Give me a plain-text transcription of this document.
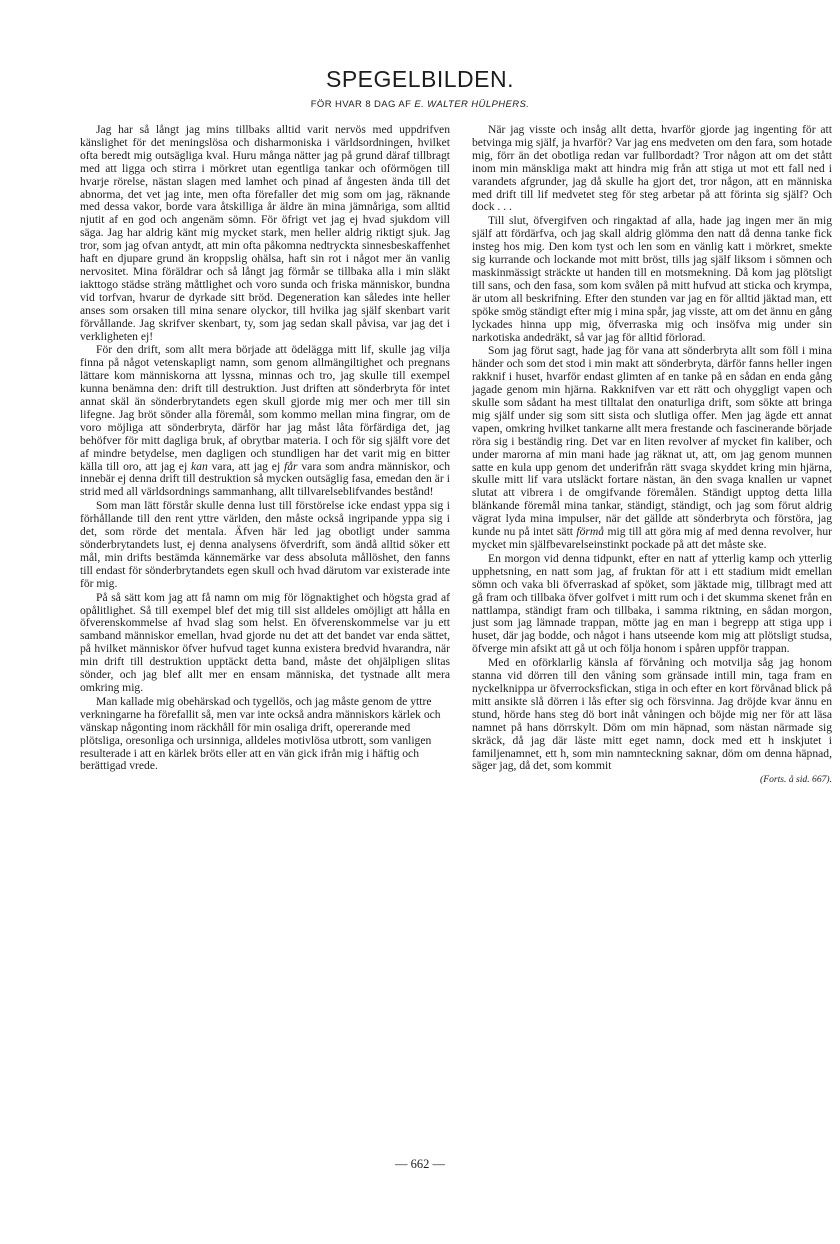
SPEGELBILDEN.
FÖR HVAR 8 DAG AF E. WALTER HÜLPHERS.

Jag har så långt jag mins tillbaks alltid varit nervös med uppdrifven känslighet för det meningslösa och disharmoniska i världsordningen, hvilket ofta beredt mig outsägliga kval. Huru många nätter jag på grund däraf tillbragt med att ligga och stirra i mörkret utan egentliga tankar och oförmögen till hvarje rörelse, nästan slagen med lamhet och pinad af ångesten ända till det abnorma, det vet jag inte, men ofta förefaller det mig som om jag, räknande med dessa vakor, borde vara åtskilliga år äldre än mina jämnåriga, som alltid njutit af en god och angenäm sömn. För öfrigt vet jag ej hvad sjukdom vill säga. Jag har aldrig känt mig mycket stark, men heller aldrig riktigt sjuk. Jag tror, som jag ofvan antydt, att min ofta påkomna nedtryckta sinnesbeskaffenhet haft en djupare grund än kroppslig ohälsa, haft sin rot i något mer än vanlig nervositet. Mina föräldrar och så långt jag förmår se tillbaka alla i min släkt iakttogo städse sträng måttlighet och voro sunda och friska människor, bundna vid torfvan, hvarur de dyrkade sitt bröd. Degeneration kan således inte heller anses som orsaken till mina senare olyckor, till hvilka jag själf skenbart varit förvållande. Jag skrifver skenbart, ty, som jag sedan skall påvisa, var jag det i verkligheten ej!

För den drift, som allt mera började att ödelägga mitt lif, skulle jag vilja finna på något vetenskapligt namn, som genom allmängiltighet och pregnans lättare kom människorna att lyssna, minnas och tro, jag skulle till exempel kunna benämna den: drift till destruktion. Just driften att sönderbryta för intet annat skäl än sönderbrytandets egen skull gjorde mig mer och mer till sin lifegne. Jag bröt sönder alla föremål, som kommo mellan mina fingrar, om de voro möjliga att sönderbryta, därför har jag måst låta förfärdiga det, jag behöfver för mitt dagliga bruk, af obrytbar materia. I och för sig själft vore det af mindre betydelse, men dagligen och stundligen har det varit mig en bitter källa till oro, att jag ej kan vara, att jag ej får vara som andra människor, och innebär ej denna drift till destruktion så mycken outsäglig fasa, emedan den är i strid med all världsordnings sammanhang, allt tillvarelseblifvandes bestånd!

Som man lätt förstår skulle denna lust till förstörelse icke endast yppa sig i förhållande till den rent yttre världen, den måste också ingripande yppa sig i det, som rörde det mentala. Äfven här led jag obotligt under samma sönderbrytandets lust, ej denna analysens öfverdrift, som ändå alltid söker ett mål, min drifts bestämda kännemärke var dess absoluta mållöshet, den fanns till endast för sönderbrytandets egen skull och hvad därutom var existerade inte för mig.

På så sätt kom jag att få namn om mig för lögnaktighet och högsta grad af opålitlighet. Så till exempel blef det mig till sist alldeles omöjligt att hålla en öfverenskommelse af hvad slag som helst. En öfverenskommelse var ju ett samband människor emellan, hvad gjorde nu det att det bandet var enda sättet, på hvilket människor öfver hufvud taget kunna existera bredvid hvarandra, när min drift till destruktion upptäckt detta band, måste det ohjälpligen slitas sönder, och jag blef allt mer en ensam människa, det tystnade allt mera omkring mig.

Man kallade mig obehärskad och tygellös, och jag måste genom de yttre verkningarne ha förefallit så, men var inte också andra människors kärlek och vänskap någonting inom räckhåll för min osaliga drift, opererande med plötsliga, oresonliga och ursinniga, alldeles motivlösa utbrott, som vanligen resulterade i att en kärlek bröts eller att en vän gick ifrån mig i häftig och berättigad vrede.

När jag visste och insåg allt detta, hvarför gjorde jag ingenting för att betvinga mig själf, ja hvarför? Var jag ens medveten om den fara, som hotade mig, förr än det obotliga redan var fullbordadt? Tror någon att om det stått inom min mänskliga makt att hindra mig från att stiga ut mot ett fall ned i varandets afgrunder, jag då skulle ha gjort det, tror någon, att en människa med drift till lif medvetet steg för steg arbetar på att förinta sig själf? Och dock . . .

Till slut, öfvergifven och ringaktad af alla, hade jag ingen mer än mig själf att fördärfva, och jag skall aldrig glömma den natt då denna tanke fick insteg hos mig. Den kom tyst och len som en vänlig katt i mörkret, smekte sig kurrande och lockande mot mitt bröst, tills jag själf liksom i sömnen och maskinmässigt sträckte ut handen till en motsmekning. Då kom jag plötsligt till sans, och den fasa, som kom svålen på mitt hufvud att sticka och krympa, är utom all beskrifning. Efter den stunden var jag en för alltid jäktad man, ett spöke smög ständigt efter mig i mina spår, jag visste, att om det ännu en gång lyckades hinna upp mig, öfverraska mig och insöfva mig under sin narkotiska andedräkt, så var jag för alltid förlorad.

Som jag förut sagt, hade jag för vana att sönderbryta allt som föll i mina händer och som det stod i min makt att sönderbryta, därför fanns heller ingen rakknif i huset, hvarför endast glimten af en tanke på en sådan en enda gång jagade genom min hjärna. Rakknifven var ett rätt och ohyggligt vapen och skulle som sådant ha mest tilltalat den onaturliga drift, som sökte att bringa mig själf under sig som sitt sista och slutliga offer. Men jag ägde ett annat vapen, omkring hvilket tankarne allt mera frestande och fascinerande började röra sig i beständig ring. Det var en liten revolver af mycket fin kaliber, och under marorna af min mani hade jag räknat ut, att, om jag genom munnen satte en kula upp genom det underifrån rätt svaga skyddet kring min hjärna, skulle mitt lif vara utsläckt fortare nästan, än den svaga knallen ur vapnet slutat att vibrera i de omgifvande föremålen. Ständigt upptog detta lilla blänkande föremål mina tankar, ständigt, ständigt, och jag som förut aldrig vägrat lyda mina impulser, när det gällde att sönderbryta och förstöra, jag kunde nu på intet sätt förmå mig till att göra mig af med denna revolver, hur mycket min själfbevarelseinstinkt pockade på att det måste ske.

En morgon vid denna tidpunkt, efter en natt af ytterlig kamp och ytterlig upphetsning, en natt som jag, af fruktan för att i ett stadium midt emellan sömn och vaka bli öfverraskad af spöket, som jäktade mig, tillbragt med att gå fram och tillbaka öfver golfvet i mitt rum och i det skumma skenet från en nattlampa, ständigt fram och tillbaka, i samma riktning, en sådan morgon, just som jag lämnade trappan, mötte jag en man i begrepp att stiga upp i huset, där jag bodde, och något i hans utseende kom mig att plötsligt studsa, öfverge min afsikt att gå ut och följa honom i spåren uppför trappan.

Med en oförklarlig känsla af förvåning och motvilja såg jag honom stanna vid dörren till den våning som gränsade intill min, taga fram en nyckelknippa ur öfverrocksfickan, stiga in och efter en kort förvånad blick på mitt ansikte slå dörren i lås efter sig och försvinna. Jag dröjde kvar ännu en stund, hörde hans steg dö bort inåt våningen och böjde mig ner för att läsa namnet på hans dörrskylt. Döm om min häpnad, som nästan närmade sig skräck, då jag där läste mitt eget namn, dock med ett h inskjutet i familjenamnet, ett h, som min namnteckning saknar, döm om denna häpnad, säger jag, då det, som kommit

(Forts. å sid. 667).
— 662 —
